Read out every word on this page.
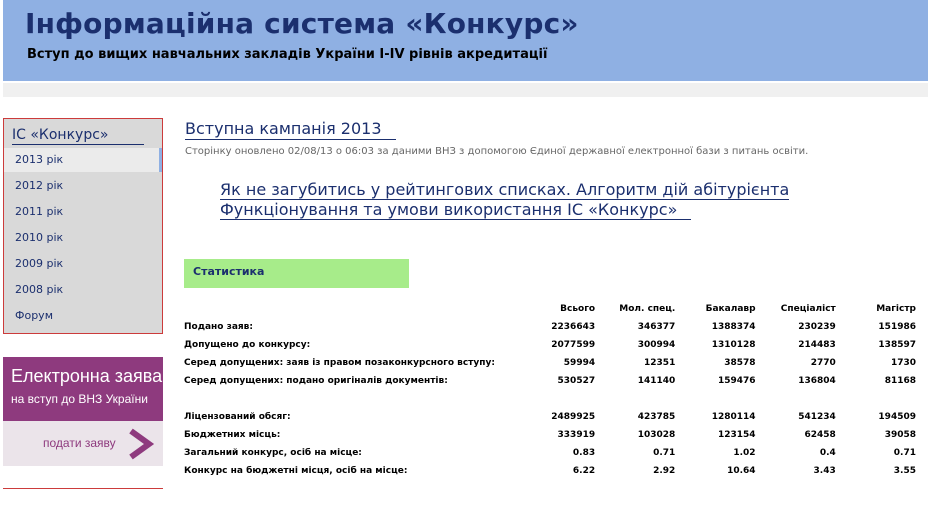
Інформаційна система «Конкурс»
Вступ до вищих навчальних закладів України I-IV рівнів акредитації
ІС «Конкурс»
2013 рік
2012 рік
2011 рік
2010 рік
2009 рік
2008 рік
Форум
Електронна заява
на вступ до ВНЗ України
подати заяву
Вступна кампанія 2013
Сторінку оновлено 02/08/13 о 06:03 за даними ВНЗ з допомогою Єдиної державної електронної бази з питань освіти.
Як не загубитись у рейтингових списках. Алгоритм дій абітурієнта
Функціонування та умови використання ІС «Конкурс»
Статистика
	Всього	Мол. спец.	Бакалавр	Спеціаліст	Магістр
Подано заяв:	2236643	346377	1388374	230239	151986
Допущено до конкурсу:	2077599	300994	1310128	214483	138597
Серед допущених: заяв із правом позаконкурсного вступу:	59994	12351	38578	2770	1730
Серед допущених: подано оригіналів документів:	530527	141140	159476	136804	81168

Ліцензований обсяг:	2489925	423785	1280114	541234	194509
Бюджетних місць:	333919	103028	123154	62458	39058
Загальний конкурс, осіб на місце:	0.83	0.71	1.02	0.4	0.71
Конкурс на бюджетні місця, осіб на місце:	6.22	2.92	10.64	3.43	3.55
